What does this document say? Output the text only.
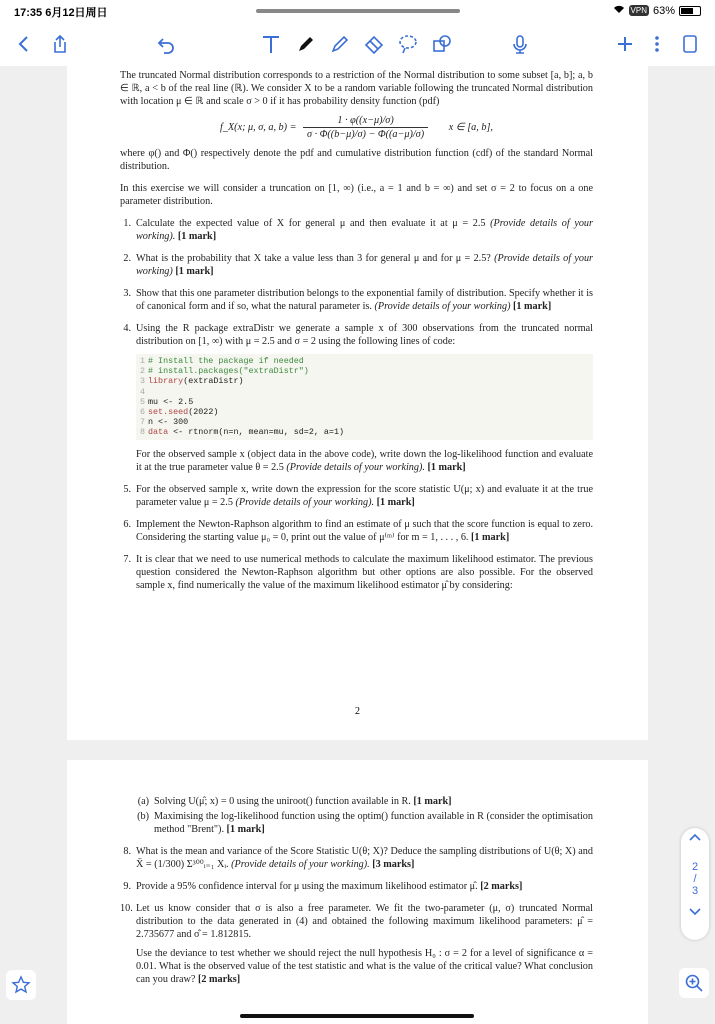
17:35 6月12日周日	VPN 63%

The truncated Normal distribution corresponds to a restriction of the Normal distribution to some subset [a, b]; a, b ∈ ℝ, a < b of the real line (ℝ). We consider X to be a random variable following the truncated Normal distribution with location μ ∈ ℝ and scale σ > 0 if it has probability density function (pdf)

f_X(x; μ, σ, a, $b) = \frac{1 \cdot \varphi((x-\mu)/\sigma)}{\sigma \cdot \Phi((b-\mu)/\sigma) - \Phi((a-\mu)/\sigma)}$ x ∈ [a, b],

where φ() and Φ() respectively denote the pdf and cumulative distribution function (cdf) of the standard Normal distribution.

In this exercise we will consider a truncation on [1, ∞) (i.e., a = 1 and b = ∞) and set σ = 2 to focus on a one parameter distribution.

1. Calculate the expected value of X for general μ and then evaluate it at μ = 2.5 (Provide details of your working). [1 mark]
2. What is the probability that X take a value less than 3 for general μ and for μ = 2.5? (Provide details of your working) [1 mark]
3. Show that this one parameter distribution belongs to the exponential family of distribution. Specify whether it is of canonical form and if so, what the natural parameter is. (Provide details of your working) [1 mark]
4. Using the R package extraDistr we generate a sample x of 300 observations from the truncated normal distribution on [1, ∞) with μ = 2.5 and σ = 2 using the following lines of code:
1 # Install the package if needed
2 # install.packages("extraDistr")
3 library(extraDistr)
4
5 mu <- 2.5
6 set.seed(2022)
7 n <- 300
8 data <- rtnorm(n=n, mean=mu, sd=2, a=1)

For the observed sample x (object data in the above code), write down the log-likelihood function and evaluate it at the true parameter value θ = 2.5 (Provide details of your working). [1 mark]

5. For the observed sample x, write down the expression for the score statistic U(μ; x) and evaluate it at the true parameter value μ = 2.5 (Provide details of your working). [1 mark]
6. Implement the Newton-Raphson algorithm to find an estimate of μ such that the score function is equal to zero. Considering the starting value μ₀ = 0, print out the value of μ⁽ᵐ⁾ for m = 1, . . . , 6. [1 mark]
7. It is clear that we need to use numerical methods to calculate the maximum likelihood estimator. The previous question considered the Newton-Raphson algorithm but other options are also possible. For the observed sample x, find numerically the value of the maximum likelihood estimator μ̂ by considering:
2
(a) Solving U(μ̂; x) = 0 using the uniroot() function available in R. [1 mark]
(b) Maximising the log-likelihood function using the optim() function available in R (consider the optimisation method "Brent"). [1 mark]
8. What is the mean and variance of the Score Statistic U(θ; X)? Deduce the sampling distributions of U(θ; X) and X̄ = (1/300) Σ³⁰⁰ᵢ₌₁ Xᵢ. (Provide details of your working). [3 marks]
9. Provide a 95% confidence interval for μ using the maximum likelihood estimator μ̂. [2 marks]
10. Let us know consider that σ is also a free parameter. We fit the two-parameter (μ, σ) truncated Normal distribution to the data generated in (4) and obtained the following maximum likelihood parameters: μ̂ = 2.735677 and σ̂ = 1.812815.

Use the deviance to test whether we should reject the null hypothesis H₀ : σ = 2 for a level of significance α = 0.01. What is the observed value of the test statistic and what is the value of the critical value? What conclusion can you draw? [2 marks]

2
/
3
